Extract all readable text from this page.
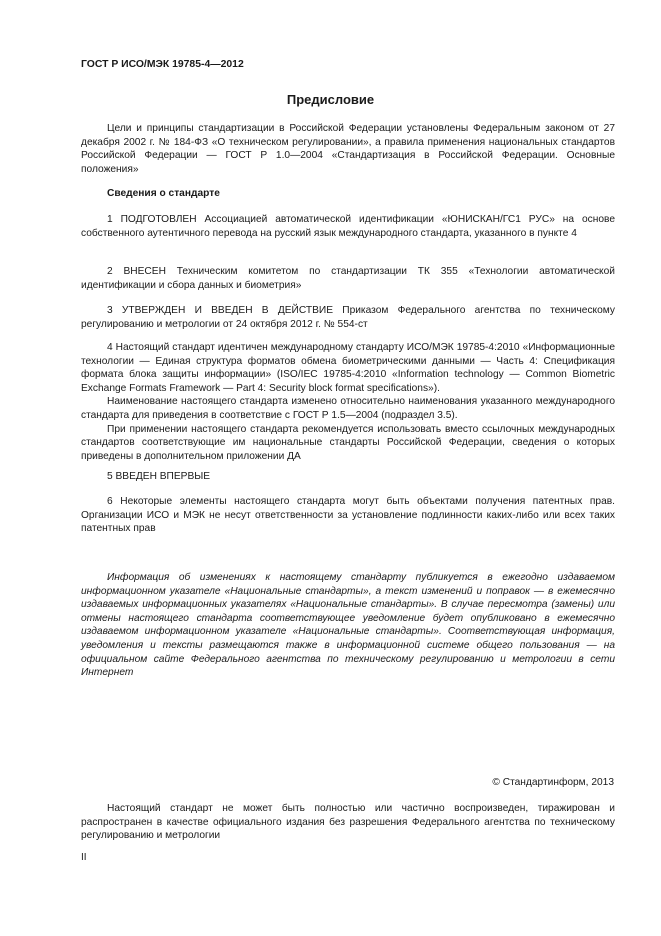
ГОСТ Р ИСО/МЭК 19785-4—2012
Предисловие

Цели и принципы стандартизации в Российской Федерации установлены Федеральным законом от 27 декабря 2002 г. № 184-ФЗ «О техническом регулировании», а правила применения национальных стандартов Российской Федерации — ГОСТ Р 1.0—2004 «Стандартизация в Российской Федерации. Основные положения»

Сведения о стандарте

1 ПОДГОТОВЛЕН Ассоциацией автоматической идентификации «ЮНИСКАН/ГС1 РУС» на основе собственного аутентичного перевода на русский язык международного стандарта, указанного в пункте 4

2 ВНЕСЕН Техническим комитетом по стандартизации ТК 355 «Технологии автоматической идентификации и сбора данных и биометрия»

3 УТВЕРЖДЕН И ВВЕДЕН В ДЕЙСТВИЕ Приказом Федерального агентства по техническому регулированию и метрологии от 24 октября 2012 г. № 554-ст

4 Настоящий стандарт идентичен международному стандарту ИСО/МЭК 19785-4:2010 «Информационные технологии — Единая структура форматов обмена биометрическими данными — Часть 4: Спецификация формата блока защиты информации» (ISO/IEC 19785-4:2010 «Information technology — Common Biometric Exchange Formats Framework — Part 4: Security block format specifications»).

Наименование настоящего стандарта изменено относительно наименования указанного международного стандарта для приведения в соответствие с ГОСТ Р 1.5—2004 (подраздел 3.5).

При применении настоящего стандарта рекомендуется использовать вместо ссылочных международных стандартов соответствующие им национальные стандарты Российской Федерации, сведения о которых приведены в дополнительном приложении ДА

5 ВВЕДЕН ВПЕРВЫЕ

6 Некоторые элементы настоящего стандарта могут быть объектами получения патентных прав. Организации ИСО и МЭК не несут ответственности за установление подлинности каких-либо или всех таких патентных прав

Информация об изменениях к настоящему стандарту публикуется в ежегодно издаваемом информационном указателе «Национальные стандарты», а текст изменений и поправок — в ежемесячно издаваемых информационных указателях «Национальные стандарты». В случае пересмотра (замены) или отмены настоящего стандарта соответствующее уведомление будет опубликовано в ежемесячно издаваемом информационном указателе «Национальные стандарты». Соответствующая информация, уведомления и тексты размещаются также в информационной системе общего пользования — на официальном сайте Федерального агентства по техническому регулированию и метрологии в сети Интернет

© Стандартинформ, 2013

Настоящий стандарт не может быть полностью или частично воспроизведен, тиражирован и распространен в качестве официального издания без разрешения Федерального агентства по техническому регулированию и метрологии

II
